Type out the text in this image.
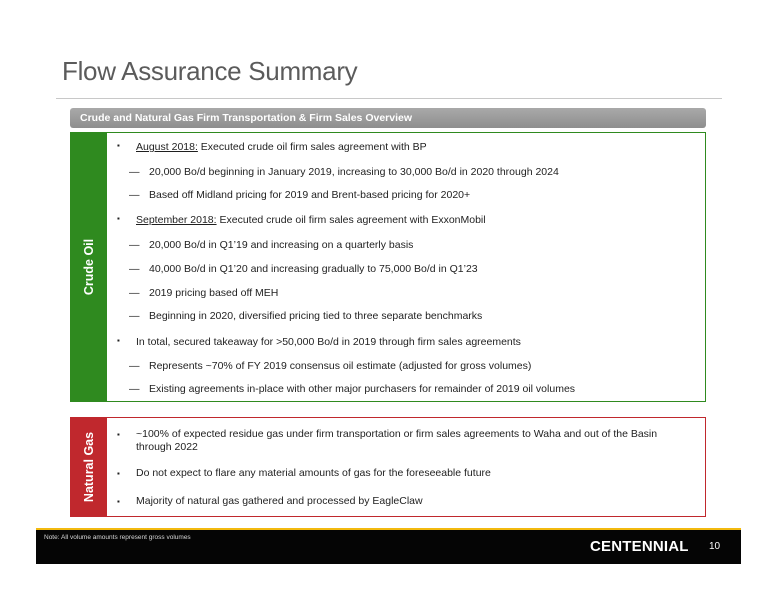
Flow Assurance Summary
Crude and Natural Gas Firm Transportation & Firm Sales Overview
Crude Oil
▪ August 2018: Executed crude oil firm sales agreement with BP
— 20,000 Bo/d beginning in January 2019, increasing to 30,000 Bo/d in 2020 through 2024
— Based off Midland pricing for 2019 and Brent-based pricing for 2020+
▪ September 2018: Executed crude oil firm sales agreement with ExxonMobil
— 20,000 Bo/d in Q1’19 and increasing on a quarterly basis
— 40,000 Bo/d in Q1’20 and increasing gradually to 75,000 Bo/d in Q1’23
— 2019 pricing based off MEH
— Beginning in 2020, diversified pricing tied to three separate benchmarks
▪ In total, secured takeaway for >50,000 Bo/d in 2019 through firm sales agreements
— Represents ~70% of FY 2019 consensus oil estimate (adjusted for gross volumes)
— Existing agreements in-place with other major purchasers for remainder of 2019 oil volumes
Natural Gas	▪ ~100% of expected residue gas under firm transportation or firm sales agreements to Waha and out of the Basin
through 2022
▪ Do not expect to flare any material amounts of gas for the foreseeable future
▪ Majority of natural gas gathered and processed by EagleClaw
Note: All volume amounts represent gross volumes
CENTENNIAL 10
